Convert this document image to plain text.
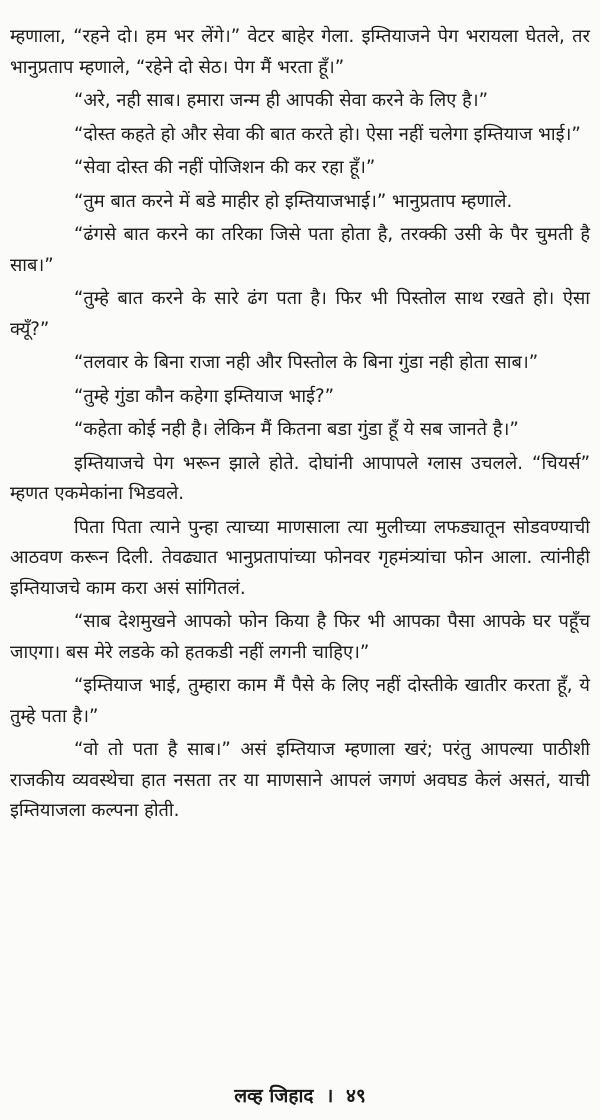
म्हणाला, “रहने दो। हम भर लेंगे।” वेटर बाहेर गेला. इम्तियाजने पेग भरायला घेतले, तर भानुप्रताप म्हणाले, “रहेने दो सेठ। पेग मैं भरता हूँ।”

“अरे, नही साब। हमारा जन्म ही आपकी सेवा करने के लिए है।”

“दोस्त कहते हो और सेवा की बात करते हो। ऐसा नहीं चलेगा इम्तियाज भाई।”

“सेवा दोस्त की नहीं पोजिशन की कर रहा हूँ।”

“तुम बात करने में बडे माहीर हो इम्तियाजभाई।” भानुप्रताप म्हणाले.

“ढंगसे बात करने का तरिका जिसे पता होता है, तरक्की उसी के पैर चुमती है साब।”

“तुम्हे बात करने के सारे ढंग पता है। फिर भी पिस्तोल साथ रखते हो। ऐसा क्यूँ?”

“तलवार के बिना राजा नही और पिस्तोल के बिना गुंडा नही होता साब।”

“तुम्हे गुंडा कौन कहेगा इम्तियाज भाई?”

“कहेता कोई नही है। लेकिन मैं कितना बडा गुंडा हूँ ये सब जानते है।”

इम्तियाजचे पेग भरून झाले होते. दोघांनी आपापले ग्लास उचलले. “चियर्स” म्हणत एकमेकांना भिडवले.

पिता पिता त्याने पुन्हा त्याच्या माणसाला त्या मुलीच्या लफड्यातून सोडवण्याची आठवण करून दिली. तेवढ्यात भानुप्रतापांच्या फोनवर गृहमंत्र्यांचा फोन आला. त्यांनीही इम्तियाजचे काम करा असं सांगितलं.

“साब देशमुखने आपको फोन किया है फिर भी आपका पैसा आपके घर पहूँच जाएगा। बस मेरे लडके को हतकडी नहीं लगनी चाहिए।”

“इम्तियाज भाई, तुम्हारा काम मैं पैसे के लिए नहीं दोस्तीके खातीर करता हूँ, ये तुम्हे पता है।”

“वो तो पता है साब।” असं इम्तियाज म्हणाला खरं; परंतु आपल्या पाठीशी राजकीय व्यवस्थेचा हात नसता तर या माणसाने आपलं जगणं अवघड केलं असतं, याची इम्तियाजला कल्पना होती.

लव्ह जिहाद । ४९
